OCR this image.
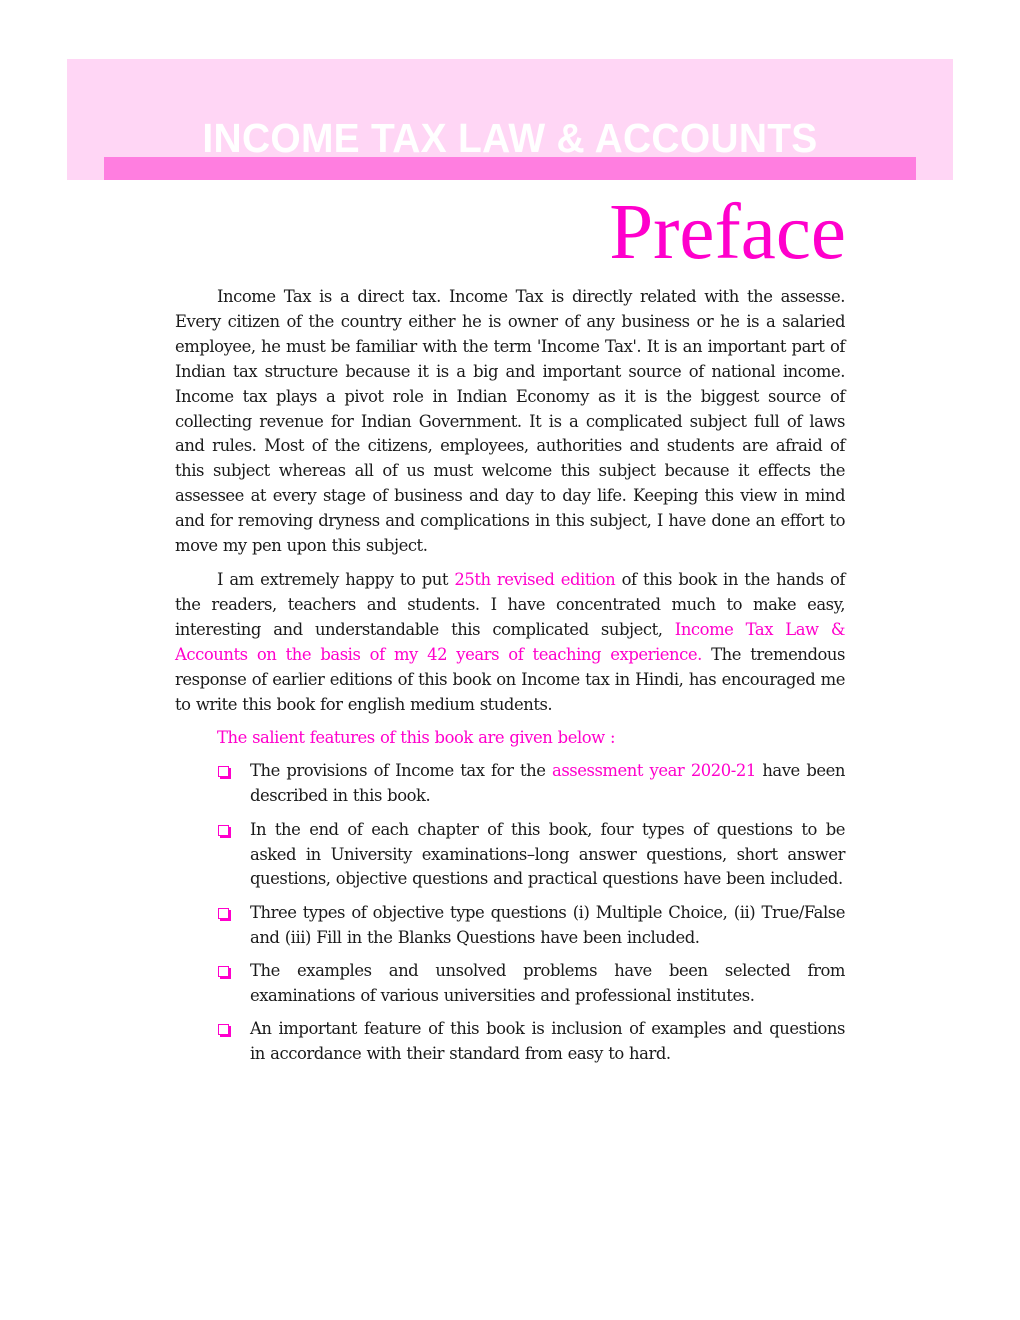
INCOME TAX LAW & ACCOUNTS
Preface

Income Tax is a direct tax. Income Tax is directly related with the assesse. Every citizen of the country either he is owner of any business or he is a salaried employee, he must be familiar with the term 'Income Tax'. It is an important part of Indian tax structure because it is a big and important source of national income. Income tax plays a pivot role in Indian Economy as it is the biggest source of collecting revenue for Indian Government. It is a complicated subject full of laws and rules. Most of the citizens, employees, authorities and students are afraid of this subject whereas all of us must welcome this subject because it effects the assessee at every stage of business and day to day life. Keeping this view in mind and for removing dryness and complications in this subject, I have done an effort to move my pen upon this subject.

I am extremely happy to put 25th revised edition of this book in the hands of the readers, teachers and students. I have concentrated much to make easy, interesting and understandable this complicated subject, Income Tax Law & Accounts on the basis of my 42 years of teaching experience. The tremendous response of earlier editions of this book on Income tax in Hindi, has encouraged me to write this book for english medium students.

The salient features of this book are given below :
The provisions of Income tax for the assessment year 2020-21 have been described in this book.
In the end of each chapter of this book, four types of questions to be asked in University examinations–long answer questions, short answer questions, objective questions and practical questions have been included.
Three types of objective type questions (i) Multiple Choice, (ii) True/False and (iii) Fill in the Blanks Questions have been included.
The examples and unsolved problems have been selected from examinations of various universities and professional institutes.
An important feature of this book is inclusion of examples and questions in accordance with their standard from easy to hard.
